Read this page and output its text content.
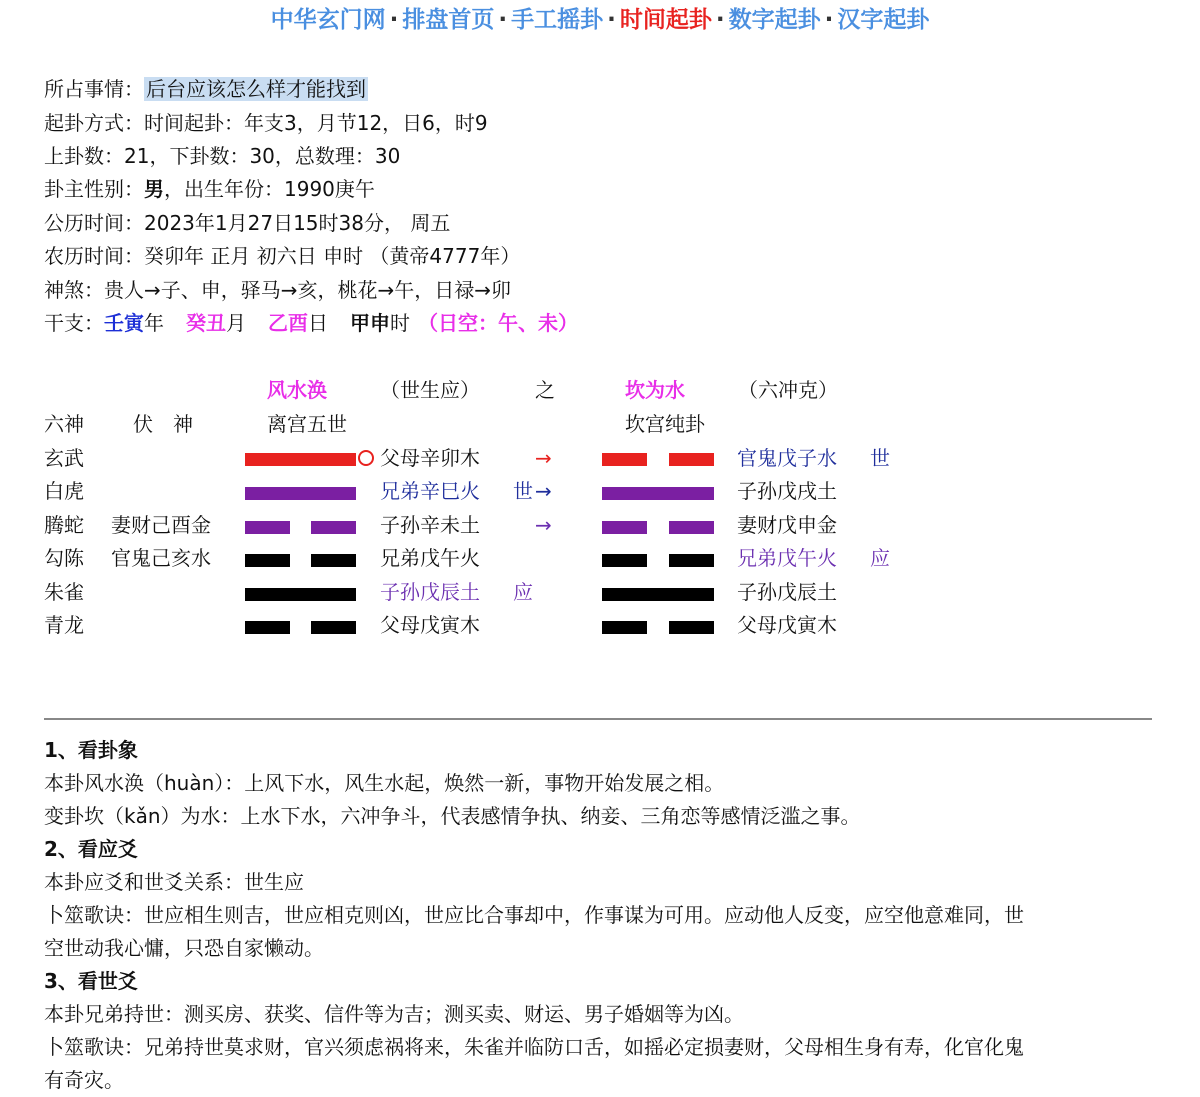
中华玄门网 · 排盘首页 · 手工摇卦 · 时间起卦 · 数字起卦 · 汉字起卦
所占事情： 后台应该怎么样才能找到
起卦方式：时间起卦：年支3，月节12，日6，时9
上卦数：21，下卦数：30，总数理：30
卦主性别：男，出生年份：1990庚午
公历时间：2023年1月27日15时38分， 周五
农历时间：癸卯年 正月 初六日 申时 （黄帝4777年）
神煞：贵人→子、申，驿马→亥，桃花→午，日禄→卯
干支：壬寅年 癸丑月 乙酉日 甲申时 （日空：午、未）
风水涣	（世生应）	之	坎为水	（六冲克）
六神 伏　神	离宫五世	坎宫纯卦
玄武	父母辛卯木	→	官鬼戊子水 世
白虎	兄弟辛巳火 世 →	子孙戊戌土
腾蛇 妻财己酉金	子孙辛未土	→	妻财戊申金
勾陈 官鬼己亥水	兄弟戊午火	兄弟戊午火 应
朱雀	子孙戊辰土 应	子孙戊辰土
青龙	父母戊寅木	父母戊寅木

1、看卦象

本卦风水涣（huàn）：上风下水，风生水起，焕然一新，事物开始发展之相。

变卦坎（kǎn）为水：上水下水，六冲争斗，代表感情争执、纳妾、三角恋等感情泛滥之事。

2、看应爻

本卦应爻和世爻关系：世生应

卜筮歌诀：世应相生则吉，世应相克则凶，世应比合事却中，作事谋为可用。应动他人反变，应空他意难同，世

空世动我心慵，只恐自家懒动。

3、看世爻

本卦兄弟持世：测买房、获奖、信件等为吉；测买卖、财运、男子婚姻等为凶。

卜筮歌诀：兄弟持世莫求财，官兴须虑祸将来，朱雀并临防口舌，如摇必定损妻财，父母相生身有寿，化官化鬼

有奇灾。
